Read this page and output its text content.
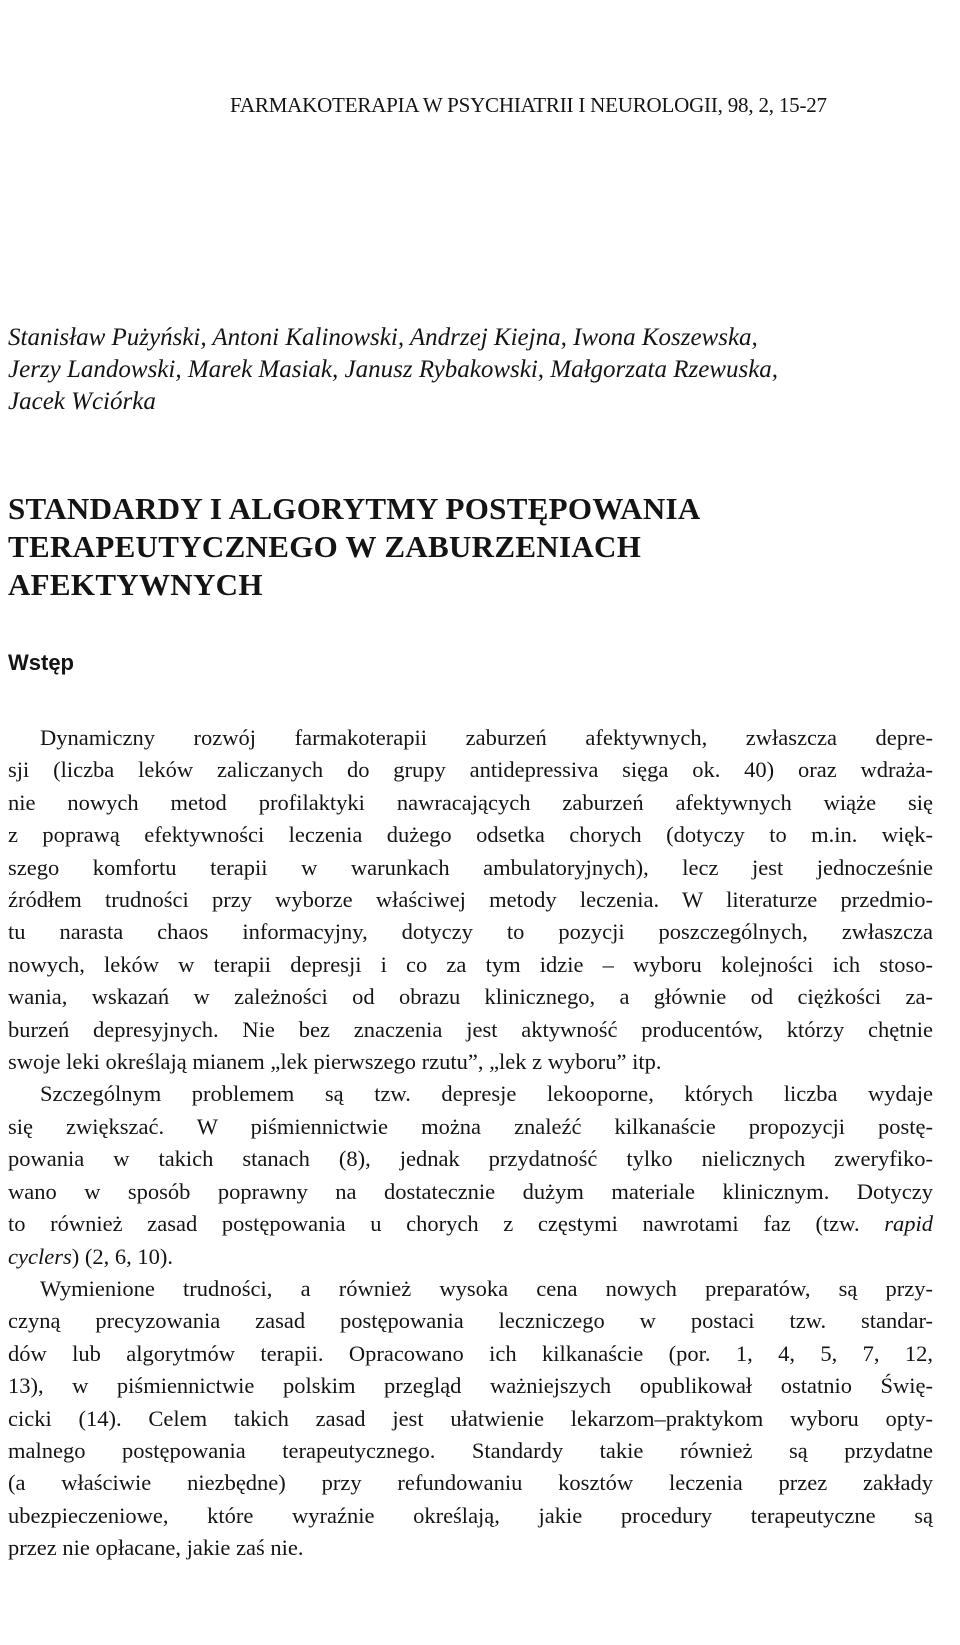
FARMAKOTERAPIA W PSYCHIATRII I NEUROLOGII, 98, 2, 15-27
Stanisław Pużyński, Antoni Kalinowski, Andrzej Kiejna, Iwona Koszewska,
Jerzy Landowski, Marek Masiak, Janusz Rybakowski, Małgorzata Rzewuska,
Jacek Wciórka
STANDARDY I ALGORYTMY POSTĘPOWANIA
TERAPEUTYCZNEGO W ZABURZENIACH
AFEKTYWNYCH
Wstęp
Dynamiczny rozwój farmakoterapii zaburzeń afektywnych, zwłaszcza depre-
sji (liczba leków zaliczanych do grupy antidepressiva sięga ok. 40) oraz wdraża-
nie nowych metod profilaktyki nawracających zaburzeń afektywnych wiąże się
z poprawą efektywności leczenia dużego odsetka chorych (dotyczy to m.in. więk-
szego komfortu terapii w warunkach ambulatoryjnych), lecz jest jednocześnie
źródłem trudności przy wyborze właściwej metody leczenia. W literaturze przedmio-
tu narasta chaos informacyjny, dotyczy to pozycji poszczególnych, zwłaszcza
nowych, leków w terapii depresji i co za tym idzie – wyboru kolejności ich stoso-
wania, wskazań w zależności od obrazu klinicznego, a głównie od ciężkości za-
burzeń depresyjnych. Nie bez znaczenia jest aktywność producentów, którzy chętnie
swoje leki określają mianem „lek pierwszego rzutu”, „lek z wyboru” itp.
Szczególnym problemem są tzw. depresje lekooporne, których liczba wydaje
się zwiększać. W piśmiennictwie można znaleźć kilkanaście propozycji postę-
powania w takich stanach (8), jednak przydatność tylko nielicznych zweryfiko-
wano w sposób poprawny na dostatecznie dużym materiale klinicznym. Dotyczy
to również zasad postępowania u chorych z częstymi nawrotami faz (tzw. rapid
cyclers) (2, 6, 10).
Wymienione trudności, a również wysoka cena nowych preparatów, są przy-
czyną precyzowania zasad postępowania leczniczego w postaci tzw. standar-
dów lub algorytmów terapii. Opracowano ich kilkanaście (por. 1, 4, 5, 7, 12,
13), w piśmiennictwie polskim przegląd ważniejszych opublikował ostatnio Świę-
cicki (14). Celem takich zasad jest ułatwienie lekarzom–praktykom wyboru opty-
malnego postępowania terapeutycznego. Standardy takie również są przydatne
(a właściwie niezbędne) przy refundowaniu kosztów leczenia przez zakłady
ubezpieczeniowe, które wyraźnie określają, jakie procedury terapeutyczne są
przez nie opłacane, jakie zaś nie.
